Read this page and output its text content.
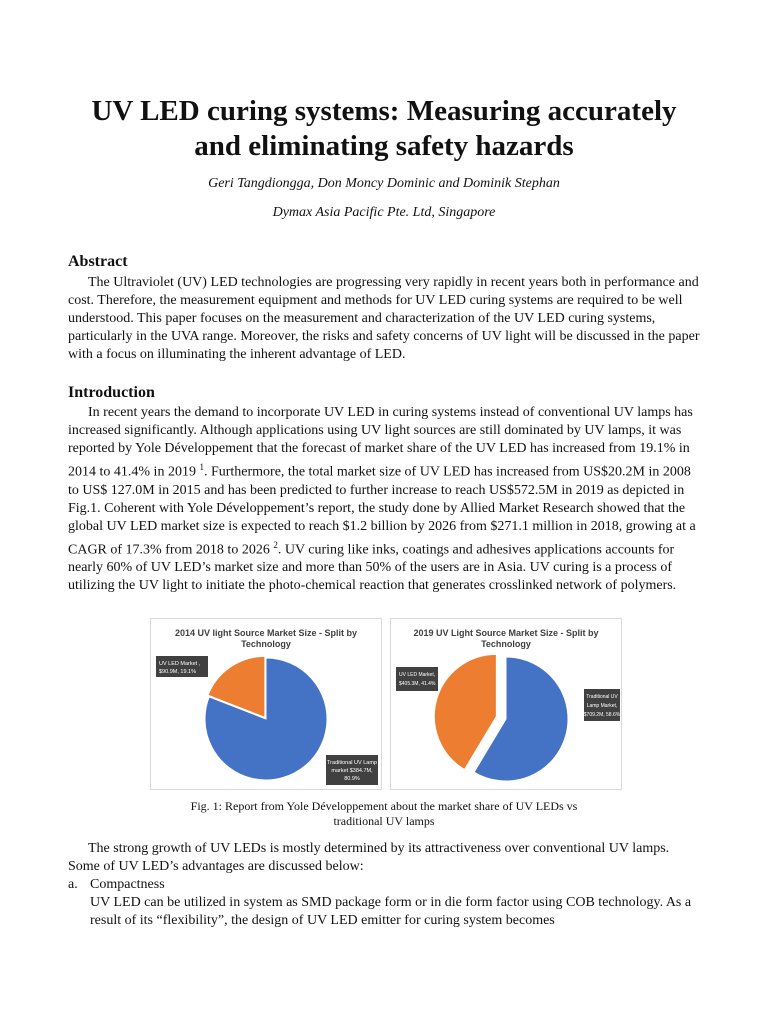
UV LED curing systems: Measuring accurately
and eliminating safety hazards
Geri Tangdiongga, Don Moncy Dominic and Dominik Stephan
Dymax Asia Pacific Pte. Ltd, Singapore
Abstract

The Ultraviolet (UV) LED technologies are progressing very rapidly in recent years both in performance and cost. Therefore, the measurement equipment and methods for UV LED curing systems are required to be well understood. This paper focuses on the measurement and characterization of the UV LED curing systems, particularly in the UVA range. Moreover, the risks and safety concerns of UV light will be discussed in the paper with a focus on illuminating the inherent advantage of LED.

Introduction

In recent years the demand to incorporate UV LED in curing systems instead of conventional UV lamps has increased significantly. Although applications using UV light sources are still dominated by UV lamps, it was reported by Yole Développement that the forecast of market share of the UV LED has increased from 19.1% in 2014 to 41.4% in 2019 $^1$. Furthermore, the total market size of UV LED has increased from US$20.2M in 2008 to US$ 127.0M in 2015 and has been predicted to further increase to reach US$572.5M in 2019 as depicted in Fig.1. Coherent with Yole Développement’s report, the study done by Allied Market Research showed that the global UV LED market size is expected to reach $1.2 billion by 2026 from $271.1 million in 2018, growing at a CAGR of 17.3% from 2018 to 2026 $^2$. UV curing like inks, coatings and adhesives applications accounts for nearly 60% of UV LED’s market size and more than 50% of the users are in Asia. UV curing is a process of utilizing the UV light to initiate the photo-chemical reaction that generates crosslinked network of polymers.

2014 UV light Source Market Size - Split by
Technology
UV LED Market ,
$90.9M, 19.1%
Traditional UV Lamp
market $384.7M,
80.9%
2019 UV Light Source Market Size - Split by
Technology
UV LED Market,
$405.3M, 41.4%
Traditional UV
Lamp Market,
$709.2M, 58.6%
Fig. 1: Report from Yole Développement about the market share of UV LEDs vs
traditional UV lamps

The strong growth of UV LEDs is mostly determined by its attractiveness over conventional UV lamps. Some of UV LED’s advantages are discussed below:

a. Compactness

UV LED can be utilized in system as SMD package form or in die form factor using COB technology. As a result of its “flexibility”, the design of UV LED emitter for curing system becomes
